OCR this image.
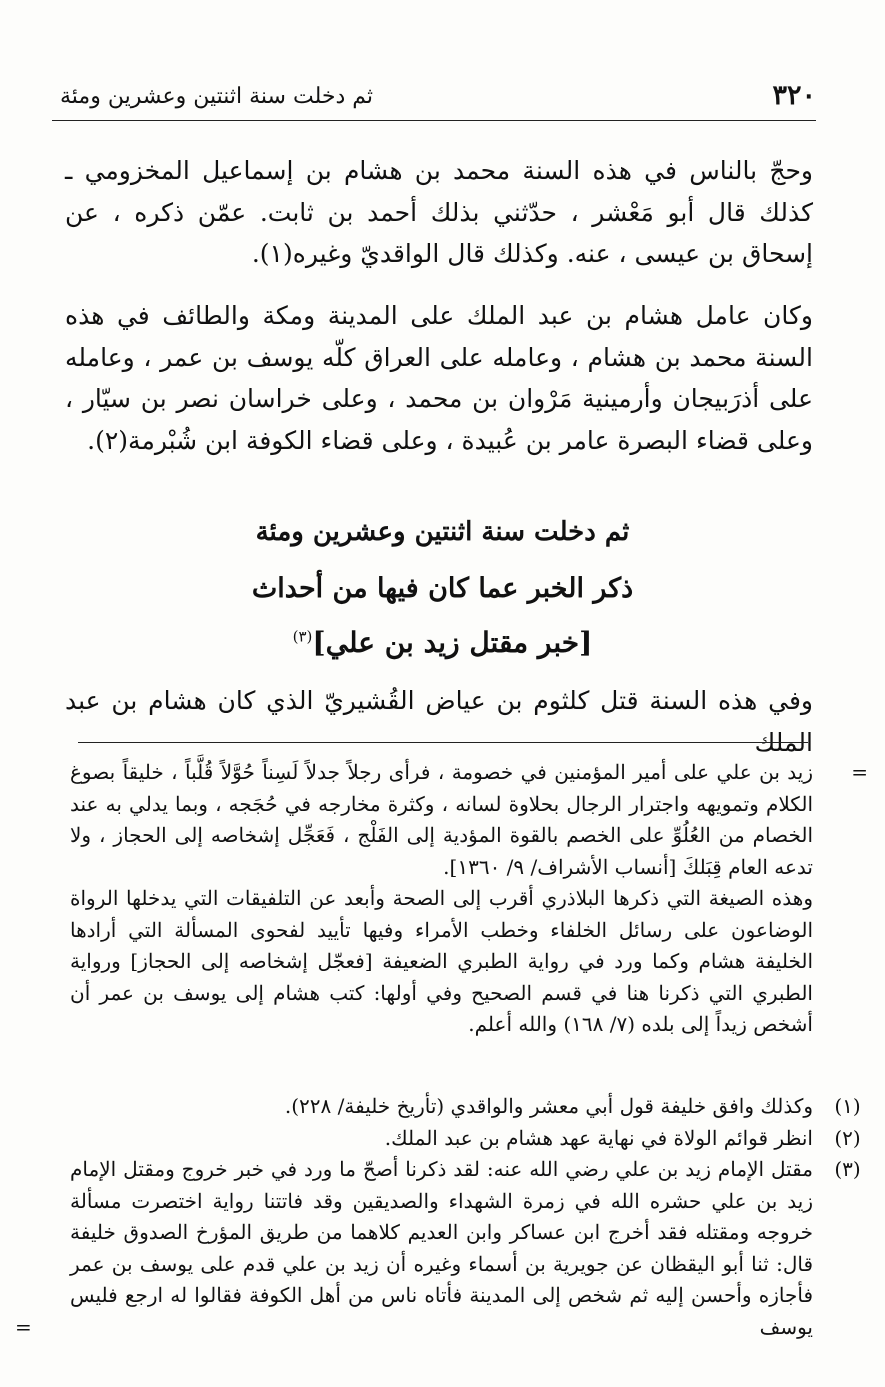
٣٢٠
ثم دخلت سنة اثنتين وعشرين ومئة
وحجّ بالناس في هذه السنة محمد بن هشام بن إسماعيل المخزومي ـ كذلك قال أبو مَعْشر ، حدّثني بذلك أحمد بن ثابت. عمّن ذكره ، عن إسحاق بن عيسى ، عنه. وكذلك قال الواقديّ وغيره(١).
وكان عامل هشام بن عبد الملك على المدينة ومكة والطائف في هذه السنة محمد بن هشام ، وعامله على العراق كلّه يوسف بن عمر ، وعامله على أذرَبيجان وأرمينية مَرْوان بن محمد ، وعلى خراسان نصر بن سيّار ، وعلى قضاء البصرة عامر بن عُبيدة ، وعلى قضاء الكوفة ابن شُبْرمة(٢).
ثم دخلت سنة اثنتين وعشرين ومئة
ذكر الخبر عما كان فيها من أحداث
[خبر مقتل زيد بن علي]$^{(٣)}$
وفي هذه السنة قتل كلثوم بن عياض القُشيريّ الذي كان هشام بن عبد الملك
=

زيد بن علي على أمير المؤمنين في خصومة ، فرأى رجلاً جدلاً لَسِناً حُوَّلاً قُلَّباً ، خليقاً بصوغ الكلام وتمويهه واجترار الرجال بحلاوة لسانه ، وكثرة مخارجه في حُجَجه ، وبما يدلي به عند الخصام من العُلُوِّ على الخصم بالقوة المؤدية إلى الفَلْج ، فَعَجِّل إشخاصه إلى الحجاز ، ولا تدعه العام قِبَلكَ [أنساب الأشراف/ ٩/ ١٣٦٠].

وهذه الصيغة التي ذكرها البلاذري أقرب إلى الصحة وأبعد عن التلفيقات التي يدخلها الرواة الوضاعون على رسائل الخلفاء وخطب الأمراء وفيها تأييد لفحوى المسألة التي أرادها الخليفة هشام وكما ورد في رواية الطبري الضعيفة [فعجّل إشخاصه إلى الحجاز] ورواية الطبري التي ذكرنا هنا في قسم الصحيح وفي أولها: كتب هشام إلى يوسف بن عمر أن أشخص زيداً إلى بلده (٧/ ١٦٨) والله أعلم.

(١)

وكذلك وافق خليفة قول أبي معشر والواقدي (تأريخ خليفة/ ٢٢٨).

(٢)

انظر قوائم الولاة في نهاية عهد هشام بن عبد الملك.

(٣)

مقتل الإمام زيد بن علي رضي الله عنه: لقد ذكرنا أصحّ ما ورد في خبر خروج ومقتل الإمام زيد بن علي حشره الله في زمرة الشهداء والصديقين وقد فاتتنا رواية اختصرت مسألة خروجه ومقتله فقد أخرج ابن عساكر وابن العديم كلاهما من طريق المؤرخ الصدوق خليفة قال: ثنا أبو اليقظان عن جويرية بن أسماء وغيره أن زيد بن علي قدم على يوسف بن عمر فأجازه وأحسن إليه ثم شخص إلى المدينة فأتاه ناس من أهل الكوفة فقالوا له ارجع فليس يوسف

=
